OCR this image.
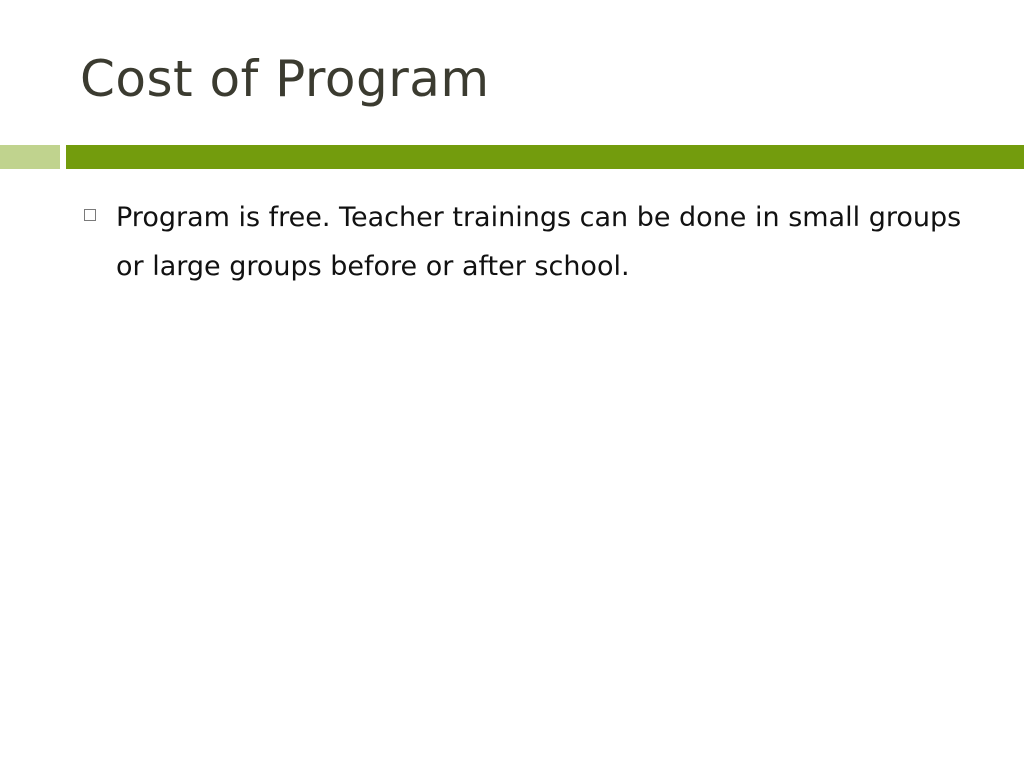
Cost of Program
Program is free. Teacher trainings can be done in small groups or large groups before or after school.
